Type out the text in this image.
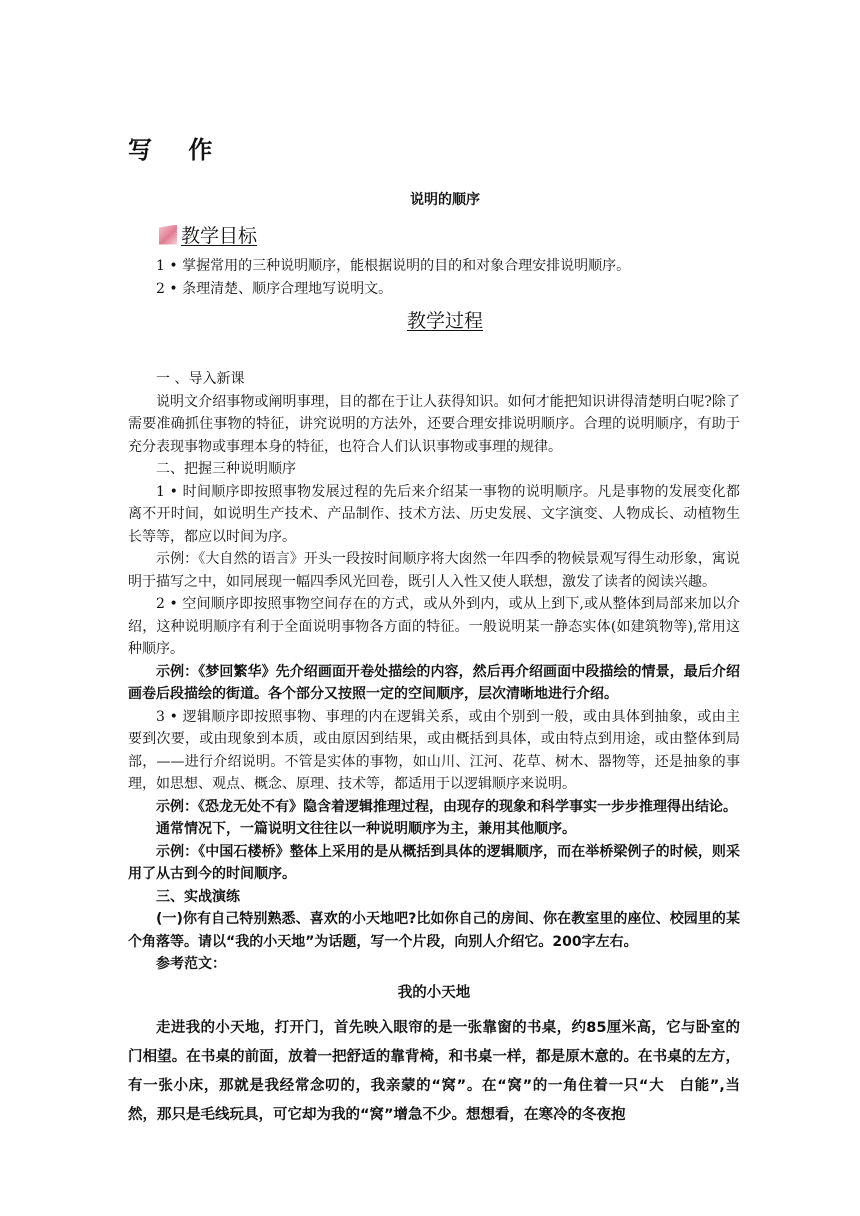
写 作
说明的顺序
教学目标

1 • 掌握常用的三种说明顺序，能根据说明的目的和对象合理安排说明顺序。

2 • 条理清楚、顺序合理地写说明文。

一 、导入新课

说明文介绍事物或阐明事理，目的都在于让人获得知识。如何才能把知识讲得清楚明白呢?除了需要准确抓住事物的特征，讲究说明的方法外，还要合理安排说明顺序。合理的说明顺序，有助于充分表现事物或事理本身的特征，也符合人们认识事物或事理的规律。

二、把握三种说明顺序

1 • 时间顺序即按照事物发展过程的先后来介绍某一事物的说明顺序。凡是事物的发展变化都离不开时间，如说明生产技术、产品制作、技术方法、历史发展、文字演变、人物成长、动植物生长等等，都应以时间为序。

示例：《大自然的语言》开头一段按时间顺序将大囱然一年四季的物候景观写得生动形象，寓说明于描写之中，如同展现一幅四季风光回卷，既引人入性又使人联想，激发了读者的阅读兴趣。

2 • 空间顺序即按照事物空间存在的方式，或从外到内，或从上到下,或从整体到局部来加以介绍，这种说明顺序有利于全面说明事物各方面的特征。一般说明某一静态实体(如建筑物等),常用这种顺序。

示例：《梦回繁华》先介绍画面开卷处描绘的内容，然后再介绍画面中段描绘的情景，最后介绍画卷后段描绘的街道。各个部分又按照一定的空间顺序，层次清晰地进行介绍。

3 • 逻辑顺序即按照事物、事理的内在逻辑关系，或由个别到一般，或由具体到抽象，或由主要到次要，或由现象到本质，或由原因到结果，或由概括到具体，或由特点到用途，或由整体到局部，——进行介绍说明。不管是实体的事物，如山川、江河、花草、树木、器物等，还是抽象的事理，如思想、观点、概念、原理、技术等，都适用于以逻辑顺序来说明。

示例：《恐龙无处不有》隐含着逻辑推理过程，由现存的现象和科学事实一步步推理得出结论。

通常情况下，一篇说明文往往以一种说明顺序为主，兼用其他顺序。

示例：《中国石楼桥》整体上采用的是从概括到具体的逻辑顺序，而在举桥梁例子的时候，则采用了从古到今的时间顺序。

三、实战演练

(一)你有自己特别熟悉、喜欢的小天地吧?比如你自己的房间、你在教室里的座位、校园里的某个角落等。请以“我的小天地”为话题，写一个片段，向别人介绍它。200字左右。

参考范文：

我的小天地

走进我的小天地，打开门，首先映入眼帘的是一张靠窗的书桌，约85厘米高，它与卧室的门相望。在书桌的前面，放着一把舒适的靠背椅，和书桌一样，都是原木意的。在书桌的左方，有一张小床，那就是我经常念叨的，我亲蒙的“窝”。在“窝”的一角住着一只“大　白能”,当然，那只是毛线玩具，可它却为我的“窝”增急不少。想想看，在寒冷的冬夜抱

教学过程
